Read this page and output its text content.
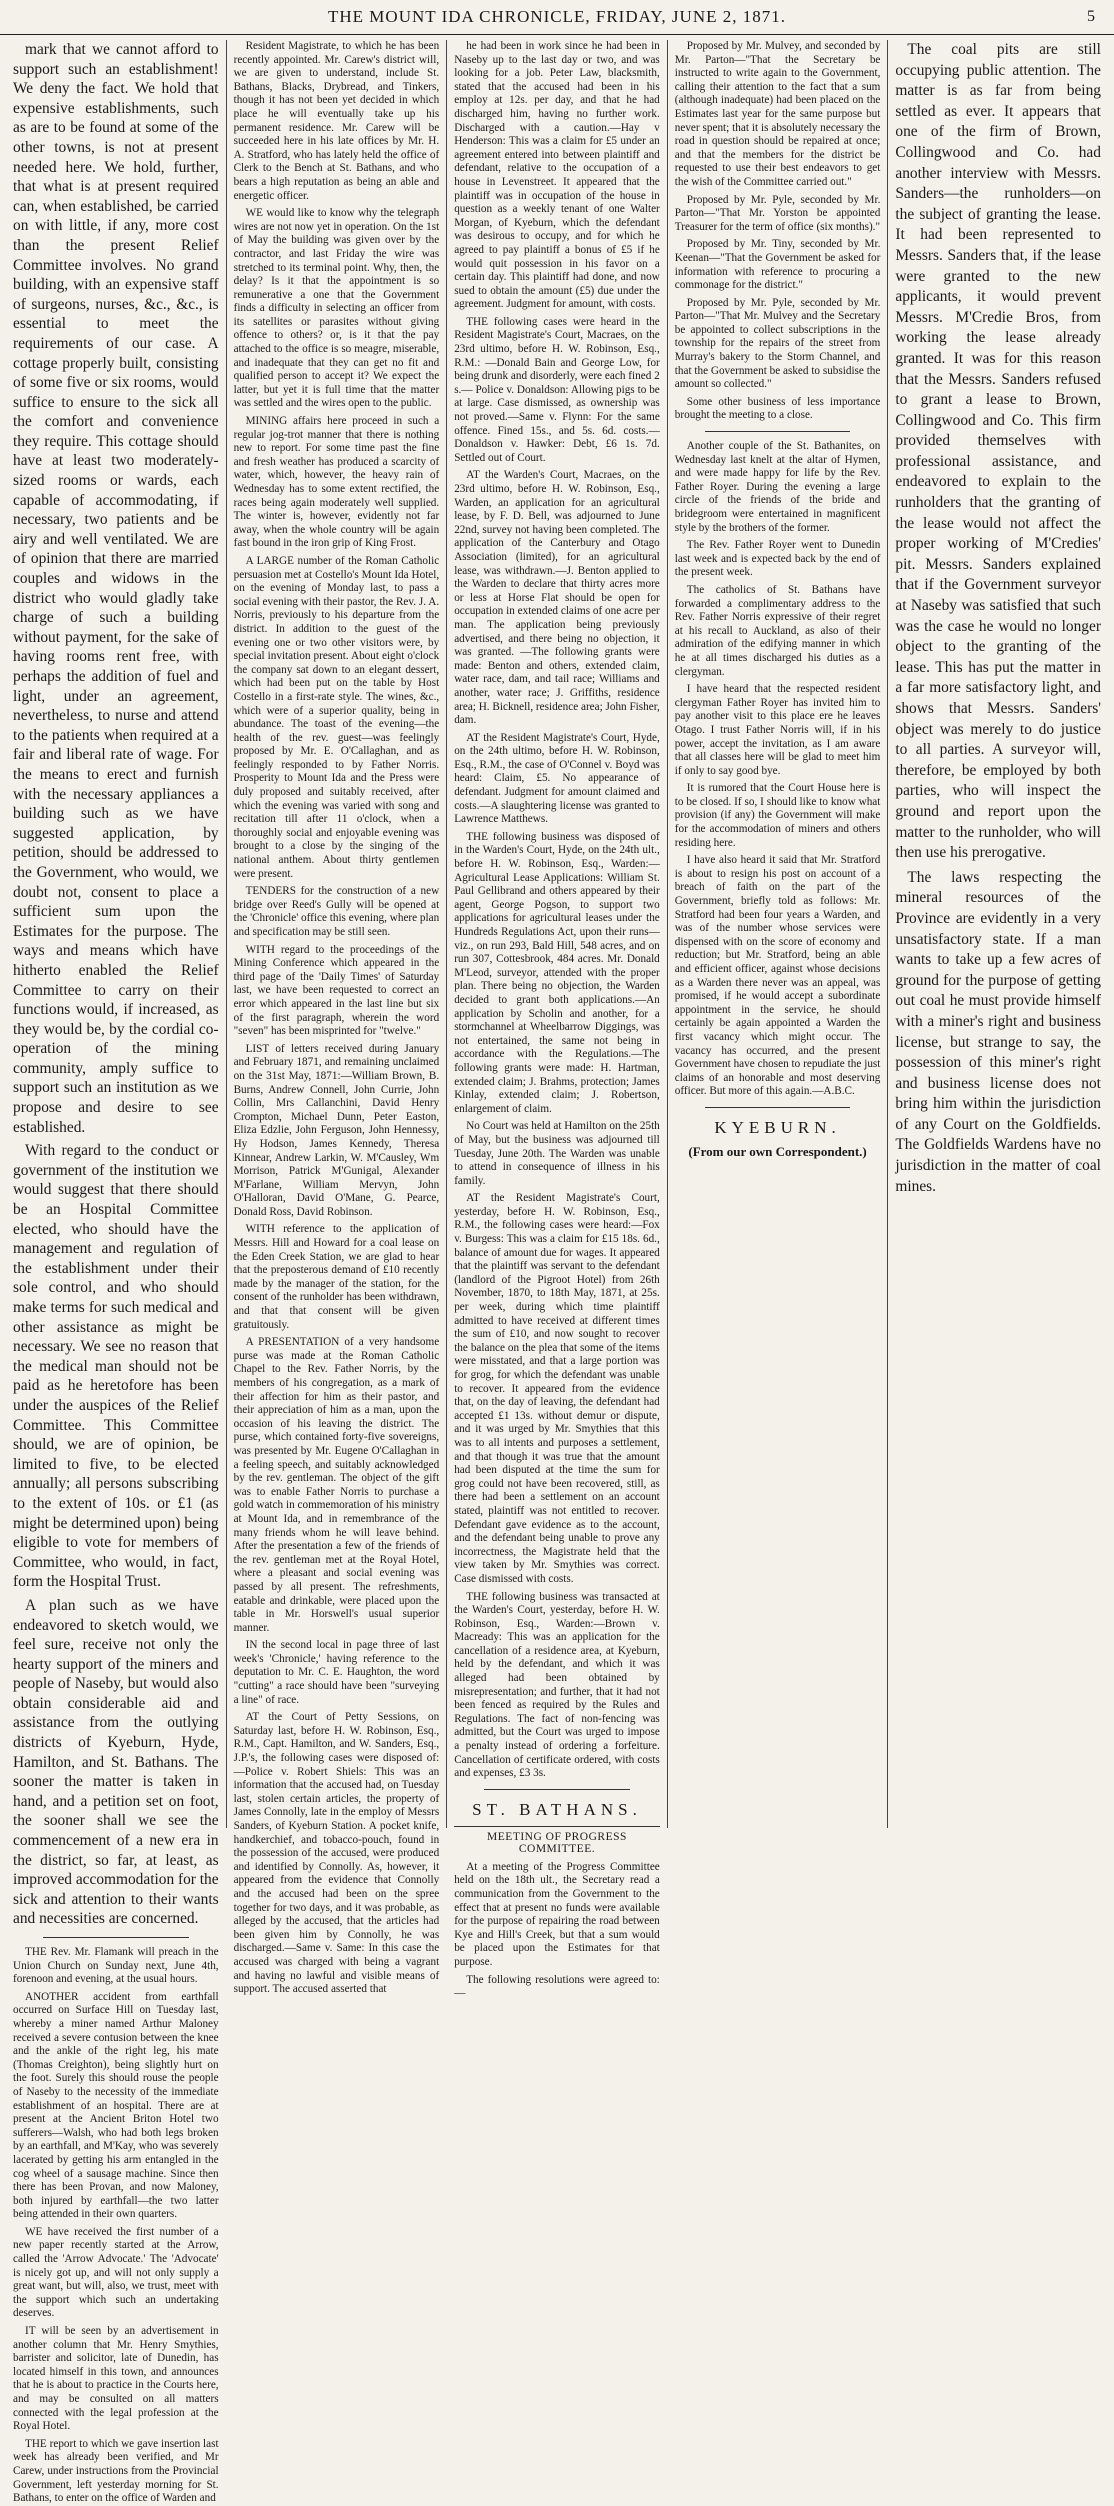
THE MOUNT IDA CHRONICLE, FRIDAY, JUNE 2, 1871.	5

mark that we cannot afford to support such an establishment! We deny the fact. We hold that expensive establishments, such as are to be found at some of the other towns, is not at present needed here. We hold, further, that what is at present required can, when established, be carried on with little, if any, more cost than the present Relief Committee involves. No grand building, with an expensive staff of surgeons, nurses, &c., &c., is essential to meet the requirements of our case. A cottage properly built, consisting of some five or six rooms, would suffice to ensure to the sick all the comfort and convenience they require. This cottage should have at least two moderately-sized rooms or wards, each capable of accommodating, if necessary, two patients and be airy and well ventilated. We are of opinion that there are married couples and widows in the district who would gladly take charge of such a building without payment, for the sake of having rooms rent free, with perhaps the addition of fuel and light, under an agreement, nevertheless, to nurse and attend to the patients when required at a fair and liberal rate of wage. For the means to erect and furnish with the necessary appliances a building such as we have suggested application, by petition, should be addressed to the Government, who would, we doubt not, consent to place a sufficient sum upon the Estimates for the purpose. The ways and means which have hitherto enabled the Relief Committee to carry on their functions would, if increased, as they would be, by the cordial co-operation of the mining community, amply suffice to support such an institution as we propose and desire to see established.

With regard to the conduct or government of the institution we would suggest that there should be an Hospital Committee elected, who should have the management and regulation of the establishment under their sole control, and who should make terms for such medical and other assistance as might be necessary. We see no reason that the medical man should not be paid as he heretofore has been under the auspices of the Relief Committee. This Committee should, we are of opinion, be limited to five, to be elected annually; all persons subscribing to the extent of 10s. or £1 (as might be determined upon) being eligible to vote for members of Committee, who would, in fact, form the Hospital Trust.

A plan such as we have endeavored to sketch would, we feel sure, receive not only the hearty support of the miners and people of Naseby, but would also obtain considerable aid and assistance from the outlying districts of Kyeburn, Hyde, Hamilton, and St. Bathans. The sooner the matter is taken in hand, and a petition set on foot, the sooner shall we see the commencement of a new era in the district, so far, at least, as improved accommodation for the sick and attention to their wants and necessities are concerned.

THE Rev. Mr. Flamank will preach in the Union Church on Sunday next, June 4th, forenoon and evening, at the usual hours.

ANOTHER accident from earthfall occurred on Surface Hill on Tuesday last, whereby a miner named Arthur Maloney received a severe contusion between the knee and the ankle of the right leg, his mate (Thomas Creighton), being slightly hurt on the foot. Surely this should rouse the people of Naseby to the necessity of the immediate establishment of an hospital. There are at present at the Ancient Briton Hotel two sufferers—Walsh, who had both legs broken by an earthfall, and M'Kay, who was severely lacerated by getting his arm entangled in the cog wheel of a sausage machine. Since then there has been Provan, and now Maloney, both injured by earthfall—the two latter being attended in their own quarters.

WE have received the first number of a new paper recently started at the Arrow, called the 'Arrow Advocate.' The 'Advocate' is nicely got up, and will not only supply a great want, but will, also, we trust, meet with the support which such an undertaking deserves.

IT will be seen by an advertisement in another column that Mr. Henry Smythies, barrister and solicitor, late of Dunedin, has located himself in this town, and announces that he is about to practice in the Courts here, and may be consulted on all matters connected with the legal profession at the Royal Hotel.

THE report to which we gave insertion last week has already been verified, and Mr Carew, under instructions from the Provincial Government, left yesterday morning for St. Bathans, to enter on the office of Warden and

Resident Magistrate, to which he has been recently appointed. Mr. Carew's district will, we are given to understand, include St. Bathans, Blacks, Drybread, and Tinkers, though it has not been yet decided in which place he will eventually take up his permanent residence. Mr. Carew will be succeeded here in his late offices by Mr. H. A. Stratford, who has lately held the office of Clerk to the Bench at St. Bathans, and who bears a high reputation as being an able and energetic officer.

WE would like to know why the telegraph wires are not now yet in operation. On the 1st of May the building was given over by the contractor, and last Friday the wire was stretched to its terminal point. Why, then, the delay? Is it that the appointment is so remunerative a one that the Government finds a difficulty in selecting an officer from its satellites or parasites without giving offence to others? or, is it that the pay attached to the office is so meagre, miserable, and inadequate that they can get no fit and qualified person to accept it? We expect the latter, but yet it is full time that the matter was settled and the wires open to the public.

MINING affairs here proceed in such a regular jog-trot manner that there is nothing new to report. For some time past the fine and fresh weather has produced a scarcity of water, which, however, the heavy rain of Wednesday has to some extent rectified, the races being again moderately well supplied. The winter is, however, evidently not far away, when the whole country will be again fast bound in the iron grip of King Frost.

A LARGE number of the Roman Catholic persuasion met at Costello's Mount Ida Hotel, on the evening of Monday last, to pass a social evening with their pastor, the Rev. J. A. Norris, previously to his departure from the district. In addition to the guest of the evening one or two other visitors were, by special invitation present. About eight o'clock the company sat down to an elegant dessert, which had been put on the table by Host Costello in a first-rate style. The wines, &c., which were of a superior quality, being in abundance. The toast of the evening—the health of the rev. guest—was feelingly proposed by Mr. E. O'Callaghan, and as feelingly responded to by Father Norris. Prosperity to Mount Ida and the Press were duly proposed and suitably received, after which the evening was varied with song and recitation till after 11 o'clock, when a thoroughly social and enjoyable evening was brought to a close by the singing of the national anthem. About thirty gentlemen were present.

TENDERS for the construction of a new bridge over Reed's Gully will be opened at the 'Chronicle' office this evening, where plan and specification may be still seen.

WITH regard to the proceedings of the Mining Conference which appeared in the third page of the 'Daily Times' of Saturday last, we have been requested to correct an error which appeared in the last line but six of the first paragraph, wherein the word "seven" has been misprinted for "twelve."

LIST of letters received during January and February 1871, and remaining unclaimed on the 31st May, 1871:—William Brown, B. Burns, Andrew Connell, John Currie, John Collin, Mrs Callanchini, David Henry Crompton, Michael Dunn, Peter Easton, Eliza Edzlie, John Ferguson, John Hennessy, Hy Hodson, James Kennedy, Theresa Kinnear, Andrew Larkin, W. M'Causley, Wm Morrison, Patrick M'Gunigal, Alexander M'Farlane, William Mervyn, John O'Halloran, David O'Mane, G. Pearce, Donald Ross, David Robinson.

WITH reference to the application of Messrs. Hill and Howard for a coal lease on the Eden Creek Station, we are glad to hear that the preposterous demand of £10 recently made by the manager of the station, for the consent of the runholder has been withdrawn, and that that consent will be given gratuitously.

A PRESENTATION of a very handsome purse was made at the Roman Catholic Chapel to the Rev. Father Norris, by the members of his congregation, as a mark of their affection for him as their pastor, and their appreciation of him as a man, upon the occasion of his leaving the district. The purse, which contained forty-five sovereigns, was presented by Mr. Eugene O'Callaghan in a feeling speech, and suitably acknowledged by the rev. gentleman. The object of the gift was to enable Father Norris to purchase a gold watch in commemoration of his ministry at Mount Ida, and in remembrance of the many friends whom he will leave behind. After the presentation a few of the friends of the rev. gentleman met at the Royal Hotel, where a pleasant and social evening was passed by all present. The refreshments, eatable and drinkable, were placed upon the table in Mr. Horswell's usual superior manner.

IN the second local in page three of last week's 'Chronicle,' having reference to the deputation to Mr. C. E. Haughton, the word "cutting" a race should have been "surveying a line" of race.

AT the Court of Petty Sessions, on Saturday last, before H. W. Robinson, Esq., R.M., Capt. Hamilton, and W. Sanders, Esq., J.P.'s, the following cases were disposed of:—Police v. Robert Shiels: This was an information that the accused had, on Tuesday last, stolen certain articles, the property of James Connolly, late in the employ of Messrs Sanders, of Kyeburn Station. A pocket knife, handkerchief, and tobacco-pouch, found in the possession of the accused, were produced and identified by Connolly. As, however, it appeared from the evidence that Connolly and the accused had been on the spree together for two days, and it was probable, as alleged by the accused, that the articles had been given him by Connolly, he was discharged.—Same v. Same: In this case the accused was charged with being a vagrant and having no lawful and visible means of support. The accused asserted that

he had been in work since he had been in Naseby up to the last day or two, and was looking for a job. Peter Law, blacksmith, stated that the accused had been in his employ at 12s. per day, and that he had discharged him, having no further work. Discharged with a caution.—Hay v Henderson: This was a claim for £5 under an agreement entered into between plaintiff and defendant, relative to the occupation of a house in Levenstreet. It appeared that the plaintiff was in occupation of the house in question as a weekly tenant of one Walter Morgan, of Kyeburn, which the defendant was desirous to occupy, and for which he agreed to pay plaintiff a bonus of £5 if he would quit possession in his favor on a certain day. This plaintiff had done, and now sued to obtain the amount (£5) due under the agreement. Judgment for amount, with costs.

THE following cases were heard in the Resident Magistrate's Court, Macraes, on the 23rd ultimo, before H. W. Robinson, Esq., R.M.: —Donald Bain and George Low, for being drunk and disorderly, were each fined 2 s.— Police v. Donaldson: Allowing pigs to be at large. Case dismissed, as ownership was not proved.—Same v. Flynn: For the same offence. Fined 15s., and 5s. 6d. costs.—Donaldson v. Hawker: Debt, £6 1s. 7d. Settled out of Court.

AT the Warden's Court, Macraes, on the 23rd ultimo, before H. W. Robinson, Esq., Warden, an application for an agricultural lease, by F. D. Bell, was adjourned to June 22nd, survey not having been completed. The application of the Canterbury and Otago Association (limited), for an agricultural lease, was withdrawn.—J. Benton applied to the Warden to declare that thirty acres more or less at Horse Flat should be open for occupation in extended claims of one acre per man. The application being previously advertised, and there being no objection, it was granted. —The following grants were made: Benton and others, extended claim, water race, dam, and tail race; Williams and another, water race; J. Griffiths, residence area; H. Bicknell, residence area; John Fisher, dam.

AT the Resident Magistrate's Court, Hyde, on the 24th ultimo, before H. W. Robinson, Esq., R.M., the case of O'Connel v. Boyd was heard: Claim, £5. No appearance of defendant. Judgment for amount claimed and costs.—A slaughtering license was granted to Lawrence Matthews.

THE following business was disposed of in the Warden's Court, Hyde, on the 24th ult., before H. W. Robinson, Esq., Warden:—Agricultural Lease Applications: William St. Paul Gellibrand and others appeared by their agent, George Pogson, to support two applications for agricultural leases under the Hundreds Regulations Act, upon their runs—viz., on run 293, Bald Hill, 548 acres, and on run 307, Cottesbrook, 484 acres. Mr. Donald M'Leod, surveyor, attended with the proper plan. There being no objection, the Warden decided to grant both applications.—An application by Scholin and another, for a stormchannel at Wheelbarrow Diggings, was not entertained, the same not being in accordance with the Regulations.—The following grants were made: H. Hartman, extended claim; J. Brahms, protection; James Kinlay, extended claim; J. Robertson, enlargement of claim.

No Court was held at Hamilton on the 25th of May, but the business was adjourned till Tuesday, June 20th. The Warden was unable to attend in consequence of illness in his family.

AT the Resident Magistrate's Court, yesterday, before H. W. Robinson, Esq., R.M., the following cases were heard:—Fox v. Burgess: This was a claim for £15 18s. 6d., balance of amount due for wages. It appeared that the plaintiff was servant to the defendant (landlord of the Pigroot Hotel) from 26th November, 1870, to 18th May, 1871, at 25s. per week, during which time plaintiff admitted to have received at different times the sum of £10, and now sought to recover the balance on the plea that some of the items were misstated, and that a large portion was for grog, for which the defendant was unable to recover. It appeared from the evidence that, on the day of leaving, the defendant had accepted £1 13s. without demur or dispute, and it was urged by Mr. Smythies that this was to all intents and purposes a settlement, and that though it was true that the amount had been disputed at the time the sum for grog could not have been recovered, still, as there had been a settlement on an account stated, plaintiff was not entitled to recover. Defendant gave evidence as to the account, and the defendant being unable to prove any incorrectness, the Magistrate held that the view taken by Mr. Smythies was correct. Case dismissed with costs.

THE following business was transacted at the Warden's Court, yesterday, before H. W. Robinson, Esq., Warden:—Brown v. Macready: This was an application for the cancellation of a residence area, at Kyeburn, held by the defendant, and which it was alleged had been obtained by misrepresentation; and further, that it had not been fenced as required by the Rules and Regulations. The fact of non-fencing was admitted, but the Court was urged to impose a penalty instead of ordering a forfeiture. Cancellation of certificate ordered, with costs and expenses, £3 3s.

ST. BATHANS.
MEETING OF PROGRESS COMMITTEE.

At a meeting of the Progress Committee held on the 18th ult., the Secretary read a communication from the Government to the effect that at present no funds were available for the purpose of repairing the road between Kye and Hill's Creek, but that a sum would be placed upon the Estimates for that purpose.

The following resolutions were agreed to:—

Proposed by Mr. Mulvey, and seconded by Mr. Parton—"That the Secretary be instructed to write again to the Government, calling their attention to the fact that a sum (although inadequate) had been placed on the Estimates last year for the same purpose but never spent; that it is absolutely necessary the road in question should be repaired at once; and that the members for the district be requested to use their best endeavors to get the wish of the Committee carried out."

Proposed by Mr. Pyle, seconded by Mr. Parton—"That Mr. Yorston be appointed Treasurer for the term of office (six months)."

Proposed by Mr. Tiny, seconded by Mr. Keenan—"That the Government be asked for information with reference to procuring a commonage for the district."

Proposed by Mr. Pyle, seconded by Mr. Parton—"That Mr. Mulvey and the Secretary be appointed to collect subscriptions in the township for the repairs of the street from Murray's bakery to the Storm Channel, and that the Government be asked to subsidise the amount so collected."

Some other business of less importance brought the meeting to a close.

Another couple of the St. Bathanites, on Wednesday last knelt at the altar of Hymen, and were made happy for life by the Rev. Father Royer. During the evening a large circle of the friends of the bride and bridegroom were entertained in magnificent style by the brothers of the former.

The Rev. Father Royer went to Dunedin last week and is expected back by the end of the present week.

The catholics of St. Bathans have forwarded a complimentary address to the Rev. Father Norris expressive of their regret at his recall to Auckland, as also of their admiration of the edifying manner in which he at all times discharged his duties as a clergyman.

I have heard that the respected resident clergyman Father Royer has invited him to pay another visit to this place ere he leaves Otago. I trust Father Norris will, if in his power, accept the invitation, as I am aware that all classes here will be glad to meet him if only to say good bye.

It is rumored that the Court House here is to be closed. If so, I should like to know what provision (if any) the Government will make for the accommodation of miners and others residing here.

I have also heard it said that Mr. Stratford is about to resign his post on account of a breach of faith on the part of the Government, briefly told as follows: Mr. Stratford had been four years a Warden, and was of the number whose services were dispensed with on the score of economy and reduction; but Mr. Stratford, being an able and efficient officer, against whose decisions as a Warden there never was an appeal, was promised, if he would accept a subordinate appointment in the service, he should certainly be again appointed a Warden the first vacancy which might occur. The vacancy has occurred, and the present Government have chosen to repudiate the just claims of an honorable and most deserving officer. But more of this again.—A.B.C.

KYEBURN.
(From our own Correspondent.)

The coal pits are still occupying public attention. The matter is as far from being settled as ever. It appears that one of the firm of Brown, Collingwood and Co. had another interview with Messrs. Sanders—the runholders—on the subject of granting the lease. It had been represented to Messrs. Sanders that, if the lease were granted to the new applicants, it would prevent Messrs. M'Credie Bros, from working the lease already granted. It was for this reason that the Messrs. Sanders refused to grant a lease to Brown, Collingwood and Co. This firm provided themselves with professional assistance, and endeavored to explain to the runholders that the granting of the lease would not affect the proper working of M'Credies' pit. Messrs. Sanders explained that if the Government surveyor at Naseby was satisfied that such was the case he would no longer object to the granting of the lease. This has put the matter in a far more satisfactory light, and shows that Messrs. Sanders' object was merely to do justice to all parties. A surveyor will, therefore, be employed by both parties, who will inspect the ground and report upon the matter to the runholder, who will then use his prerogative.

The laws respecting the mineral resources of the Province are evidently in a very unsatisfactory state. If a man wants to take up a few acres of ground for the purpose of getting out coal he must provide himself with a miner's right and business license, but strange to say, the possession of this miner's right and business license does not bring him within the jurisdiction of any Court on the Goldfields. The Goldfields Wardens have no jurisdiction in the matter of coal mines.
